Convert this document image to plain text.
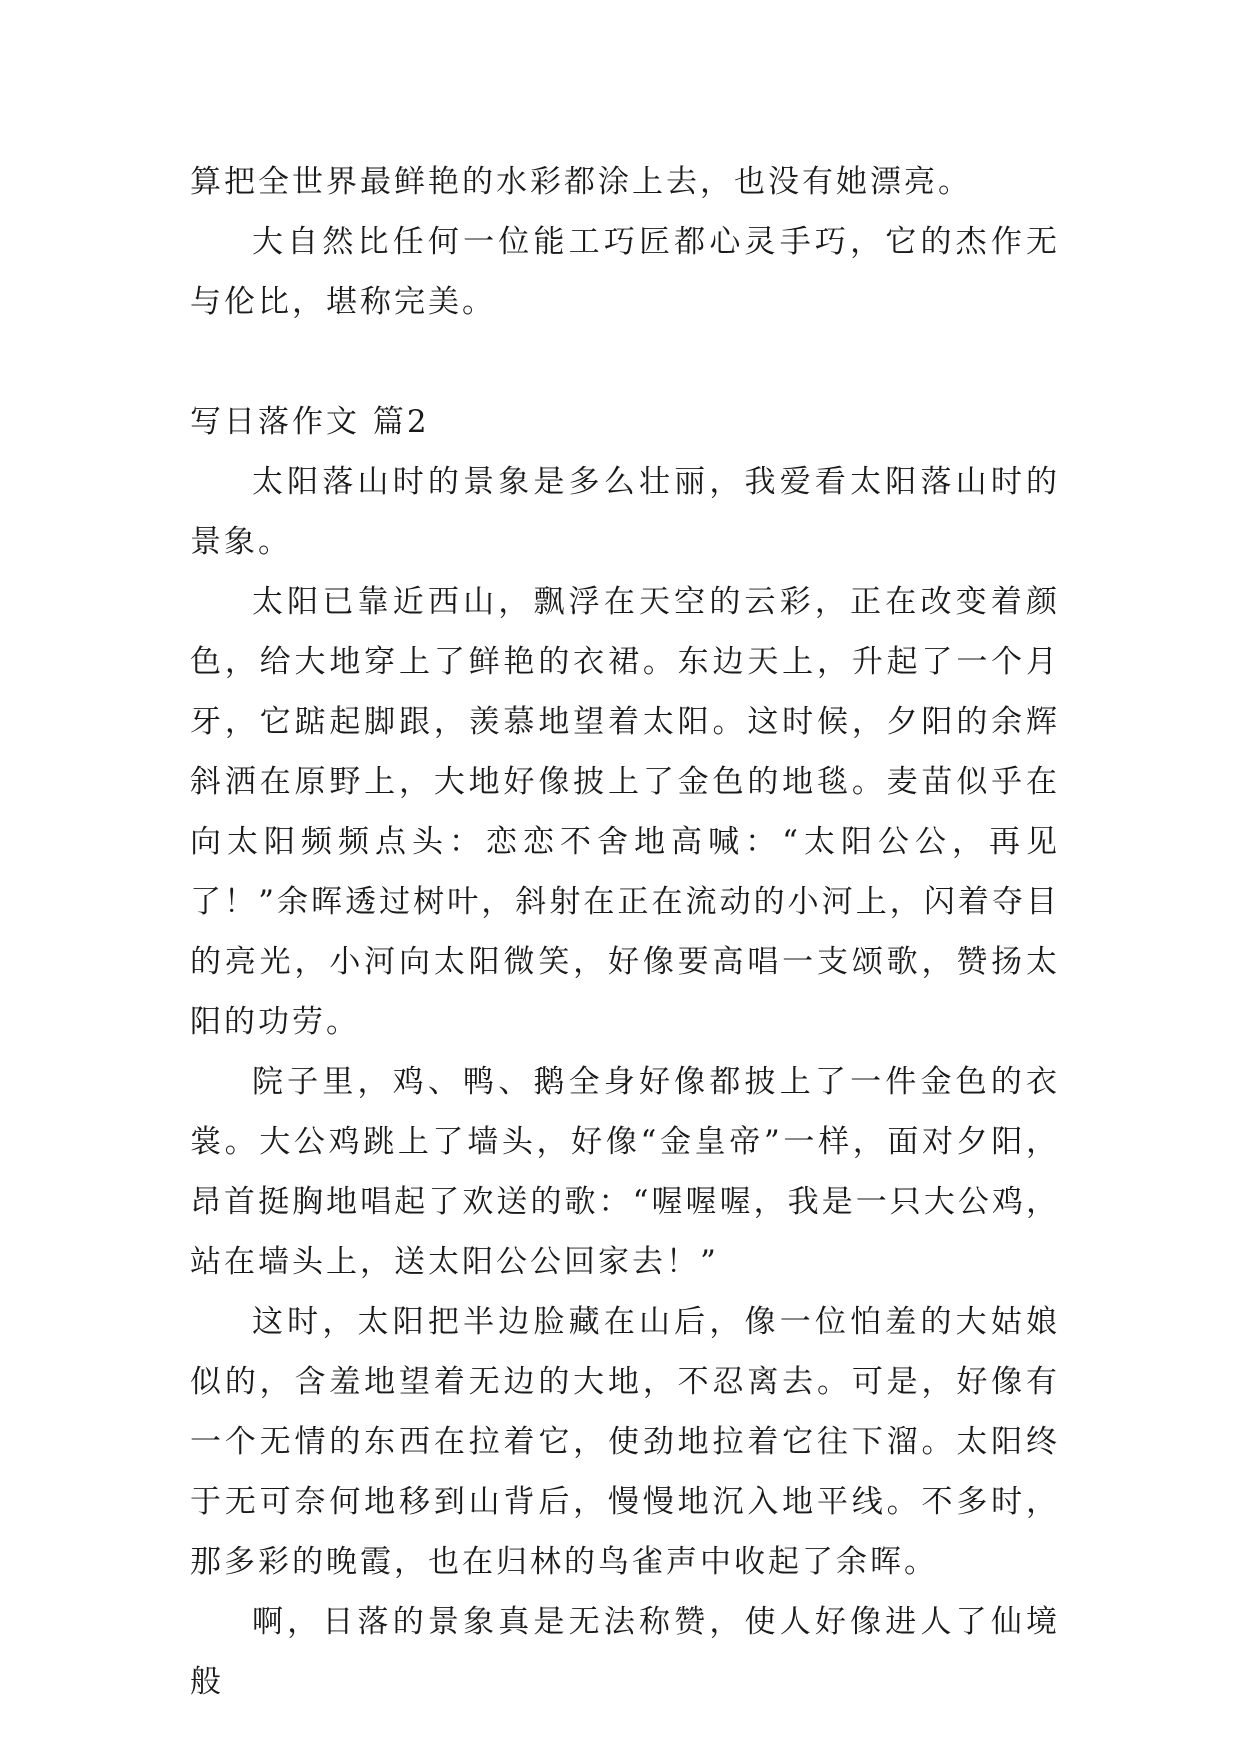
算把全世界最鲜艳的水彩都涂上去，也没有她漂亮。

大自然比任何一位能工巧匠都心灵手巧，它的杰作无与伦比，堪称完美。

写日落作文 篇2

太阳落山时的景象是多么壮丽，我爱看太阳落山时的景象。

太阳已靠近西山，飘浮在天空的云彩，正在改变着颜色，给大地穿上了鲜艳的衣裙。东边天上，升起了一个月牙，它踮起脚跟，羡慕地望着太阳。这时候，夕阳的余辉斜洒在原野上，大地好像披上了金色的地毯。麦苗似乎在向太阳频频点头：恋恋不舍地高喊：“太阳公公，再见了！”余晖透过树叶，斜射在正在流动的小河上，闪着夺目的亮光，小河向太阳微笑，好像要高唱一支颂歌，赞扬太阳的功劳。

院子里，鸡、鸭、鹅全身好像都披上了一件金色的衣裳。大公鸡跳上了墙头，好像“金皇帝”一样，面对夕阳，昂首挺胸地唱起了欢送的歌：“喔喔喔，我是一只大公鸡，站在墙头上，送太阳公公回家去！”

这时，太阳把半边脸藏在山后，像一位怕羞的大姑娘似的，含羞地望着无边的大地，不忍离去。可是，好像有一个无情的东西在拉着它，使劲地拉着它往下溜。太阳终于无可奈何地移到山背后，慢慢地沉入地平线。不多时，那多彩的晚霞，也在归林的鸟雀声中收起了余晖。

啊，日落的景象真是无法称赞，使人好像进人了仙境般
